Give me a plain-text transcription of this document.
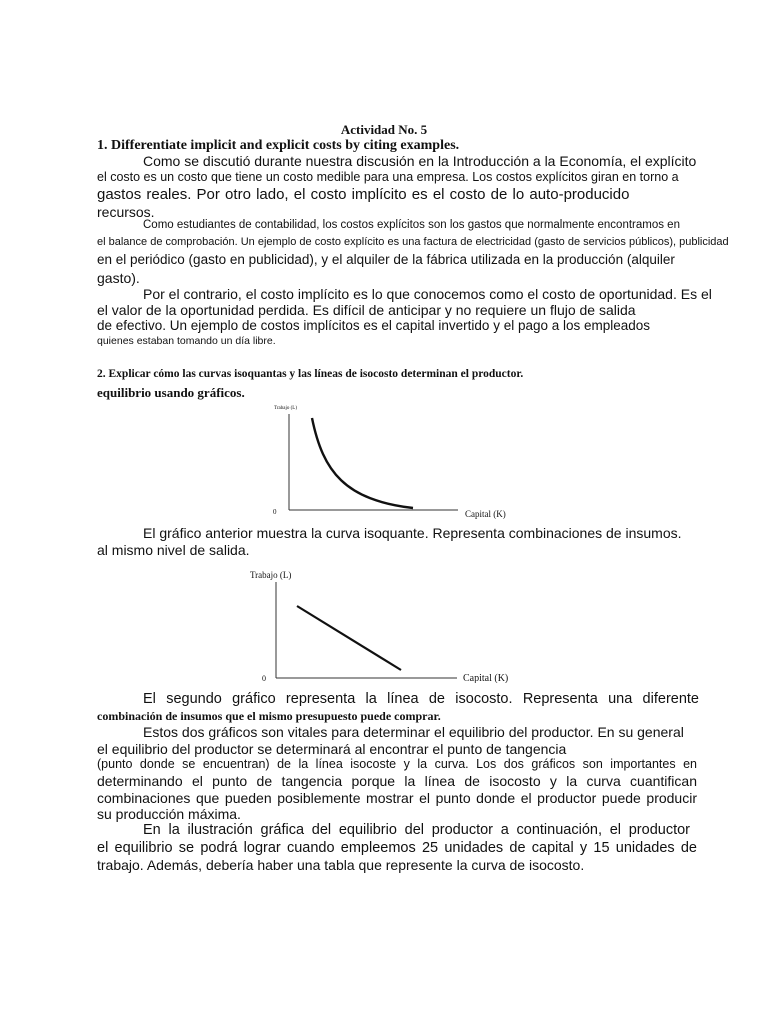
Actividad No. 5
1. Differentiate implicit and explicit costs by citing examples.
Como se discutió durante nuestra discusión en la Introducción a la Economía, el explícito
el costo es un costo que tiene un costo medible para una empresa. Los costos explícitos giran en torno a
gastos reales. Por otro lado, el costo implícito es el costo de lo auto-producido
recursos.
Como estudiantes de contabilidad, los costos explícitos son los gastos que normalmente encontramos en
el balance de comprobación. Un ejemplo de costo explícito es una factura de electricidad (gasto de servicios públicos), publicidad
en el periódico (gasto en publicidad), y el alquiler de la fábrica utilizada en la producción (alquiler
gasto).
Por el contrario, el costo implícito es lo que conocemos como el costo de oportunidad. Es el
el valor de la oportunidad perdida. Es difícil de anticipar y no requiere un flujo de salida
de efectivo. Un ejemplo de costos implícitos es el capital invertido y el pago a los empleados
quienes estaban tomando un día libre.
2. Explicar cómo las curvas isoquantas y las líneas de isocosto determinan el productor.
equilibrio usando gráficos.
Trabajo (L)
0	Capital (K)
El gráfico anterior muestra la curva isoquante. Representa combinaciones de insumos.
al mismo nivel de salida.
Trabajo (L)
0	Capital (K)
El segundo gráfico representa la línea de isocosto. Representa una diferente
combinación de insumos que el mismo presupuesto puede comprar.
Estos dos gráficos son vitales para determinar el equilibrio del productor. En su general
el equilibrio del productor se determinará al encontrar el punto de tangencia
(punto donde se encuentran) de la línea isocoste y la curva. Los dos gráficos son importantes en
determinando el punto de tangencia porque la línea de isocosto y la curva cuantifican
combinaciones que pueden posiblemente mostrar el punto donde el productor puede producir
su producción máxima.
En la ilustración gráfica del equilibrio del productor a continuación, el productor
el equilibrio se podrá lograr cuando empleemos 25 unidades de capital y 15 unidades de
trabajo. Además, debería haber una tabla que represente la curva de isocosto.
